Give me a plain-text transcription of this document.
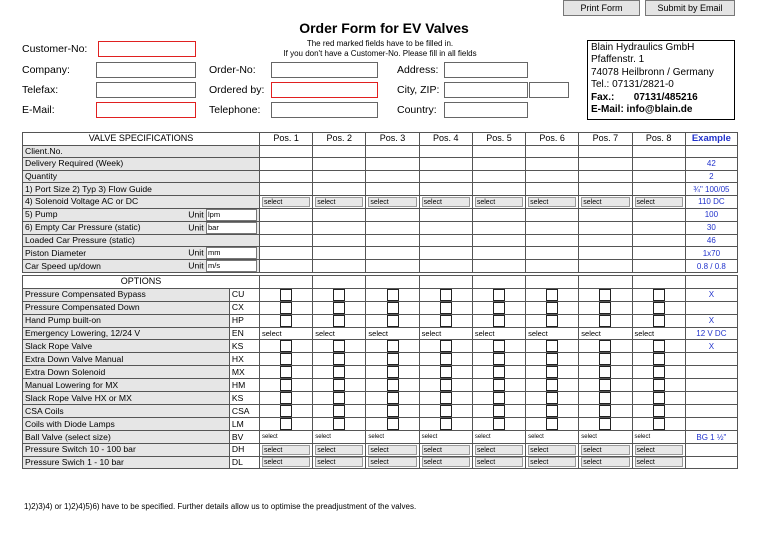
Print Form	Submit by Email
Order Form for EV Valves
The red marked fields have to be filled in.
If you don't have a Customer-No. Please fill in all fields
Customer-No:
Company:
Telefax:
E-Mail:
Order-No:
Ordered by:
Telephone:
Address:
City, ZIP:
Country:
Blain Hydraulics GmbH
Pfaffenstr. 1
74078 Heilbronn / Germany
Tel.: 07131/2821-0
Fax.:       07131/485216
E-Mail: info@blain.de
VALVE SPECIFICATIONS		Pos. 1	Pos. 2	Pos. 3	Pos. 4	Pos. 5	Pos. 6	Pos. 7	Pos. 8	Example
Client.No.										
Delivery Required (Week)										42
Quantity										2
1) Port Size 2) Typ 3) Flow Guide										¾" 100/05
4) Solenoid Voltage AC or DC		select	select	select	select	select	select	select	select	110 DC

5) Pump Unit lpm										100

6) Empty Car Pressure (static) Unit bar										30
Loaded Car Pressure (static)										46

Piston Diameter Unit mm										1x70

Car Speed up/down Unit m/s										0.8 / 0.8

OPTIONS										
Pressure Compensated Bypass	CU									X
Pressure Compensated Down	CX	

Hand Pump built-on	HP									X
Emergency Lowering, 12/24 V	EN	select	select	select	select	select	select	select	select	12 V DC
Slack Rope Valve	KS									X
Extra Down Valve Manual	HX	

Extra Down Solenoid	MX	

Manual Lowering for MX	HM	

Slack Rope Valve HX or MX	KS	

CSA Coils	CSA	

Coils with Diode Lamps	LM	

Ball Valve (select size)	BV	select	select	select	select	select	select	select	select	BG 1 ½"
Pressure Switch 10 - 100 bar	DH	select	select	select	select	select	select	select	select	

Pressure Swich 1 - 10 bar	DL	select	select	select	select	select	select	select	select	

1)2)3)4) or 1)2)4)5)6) have to be specified. Further details allow us to optimise the preadjustment of the valves.
